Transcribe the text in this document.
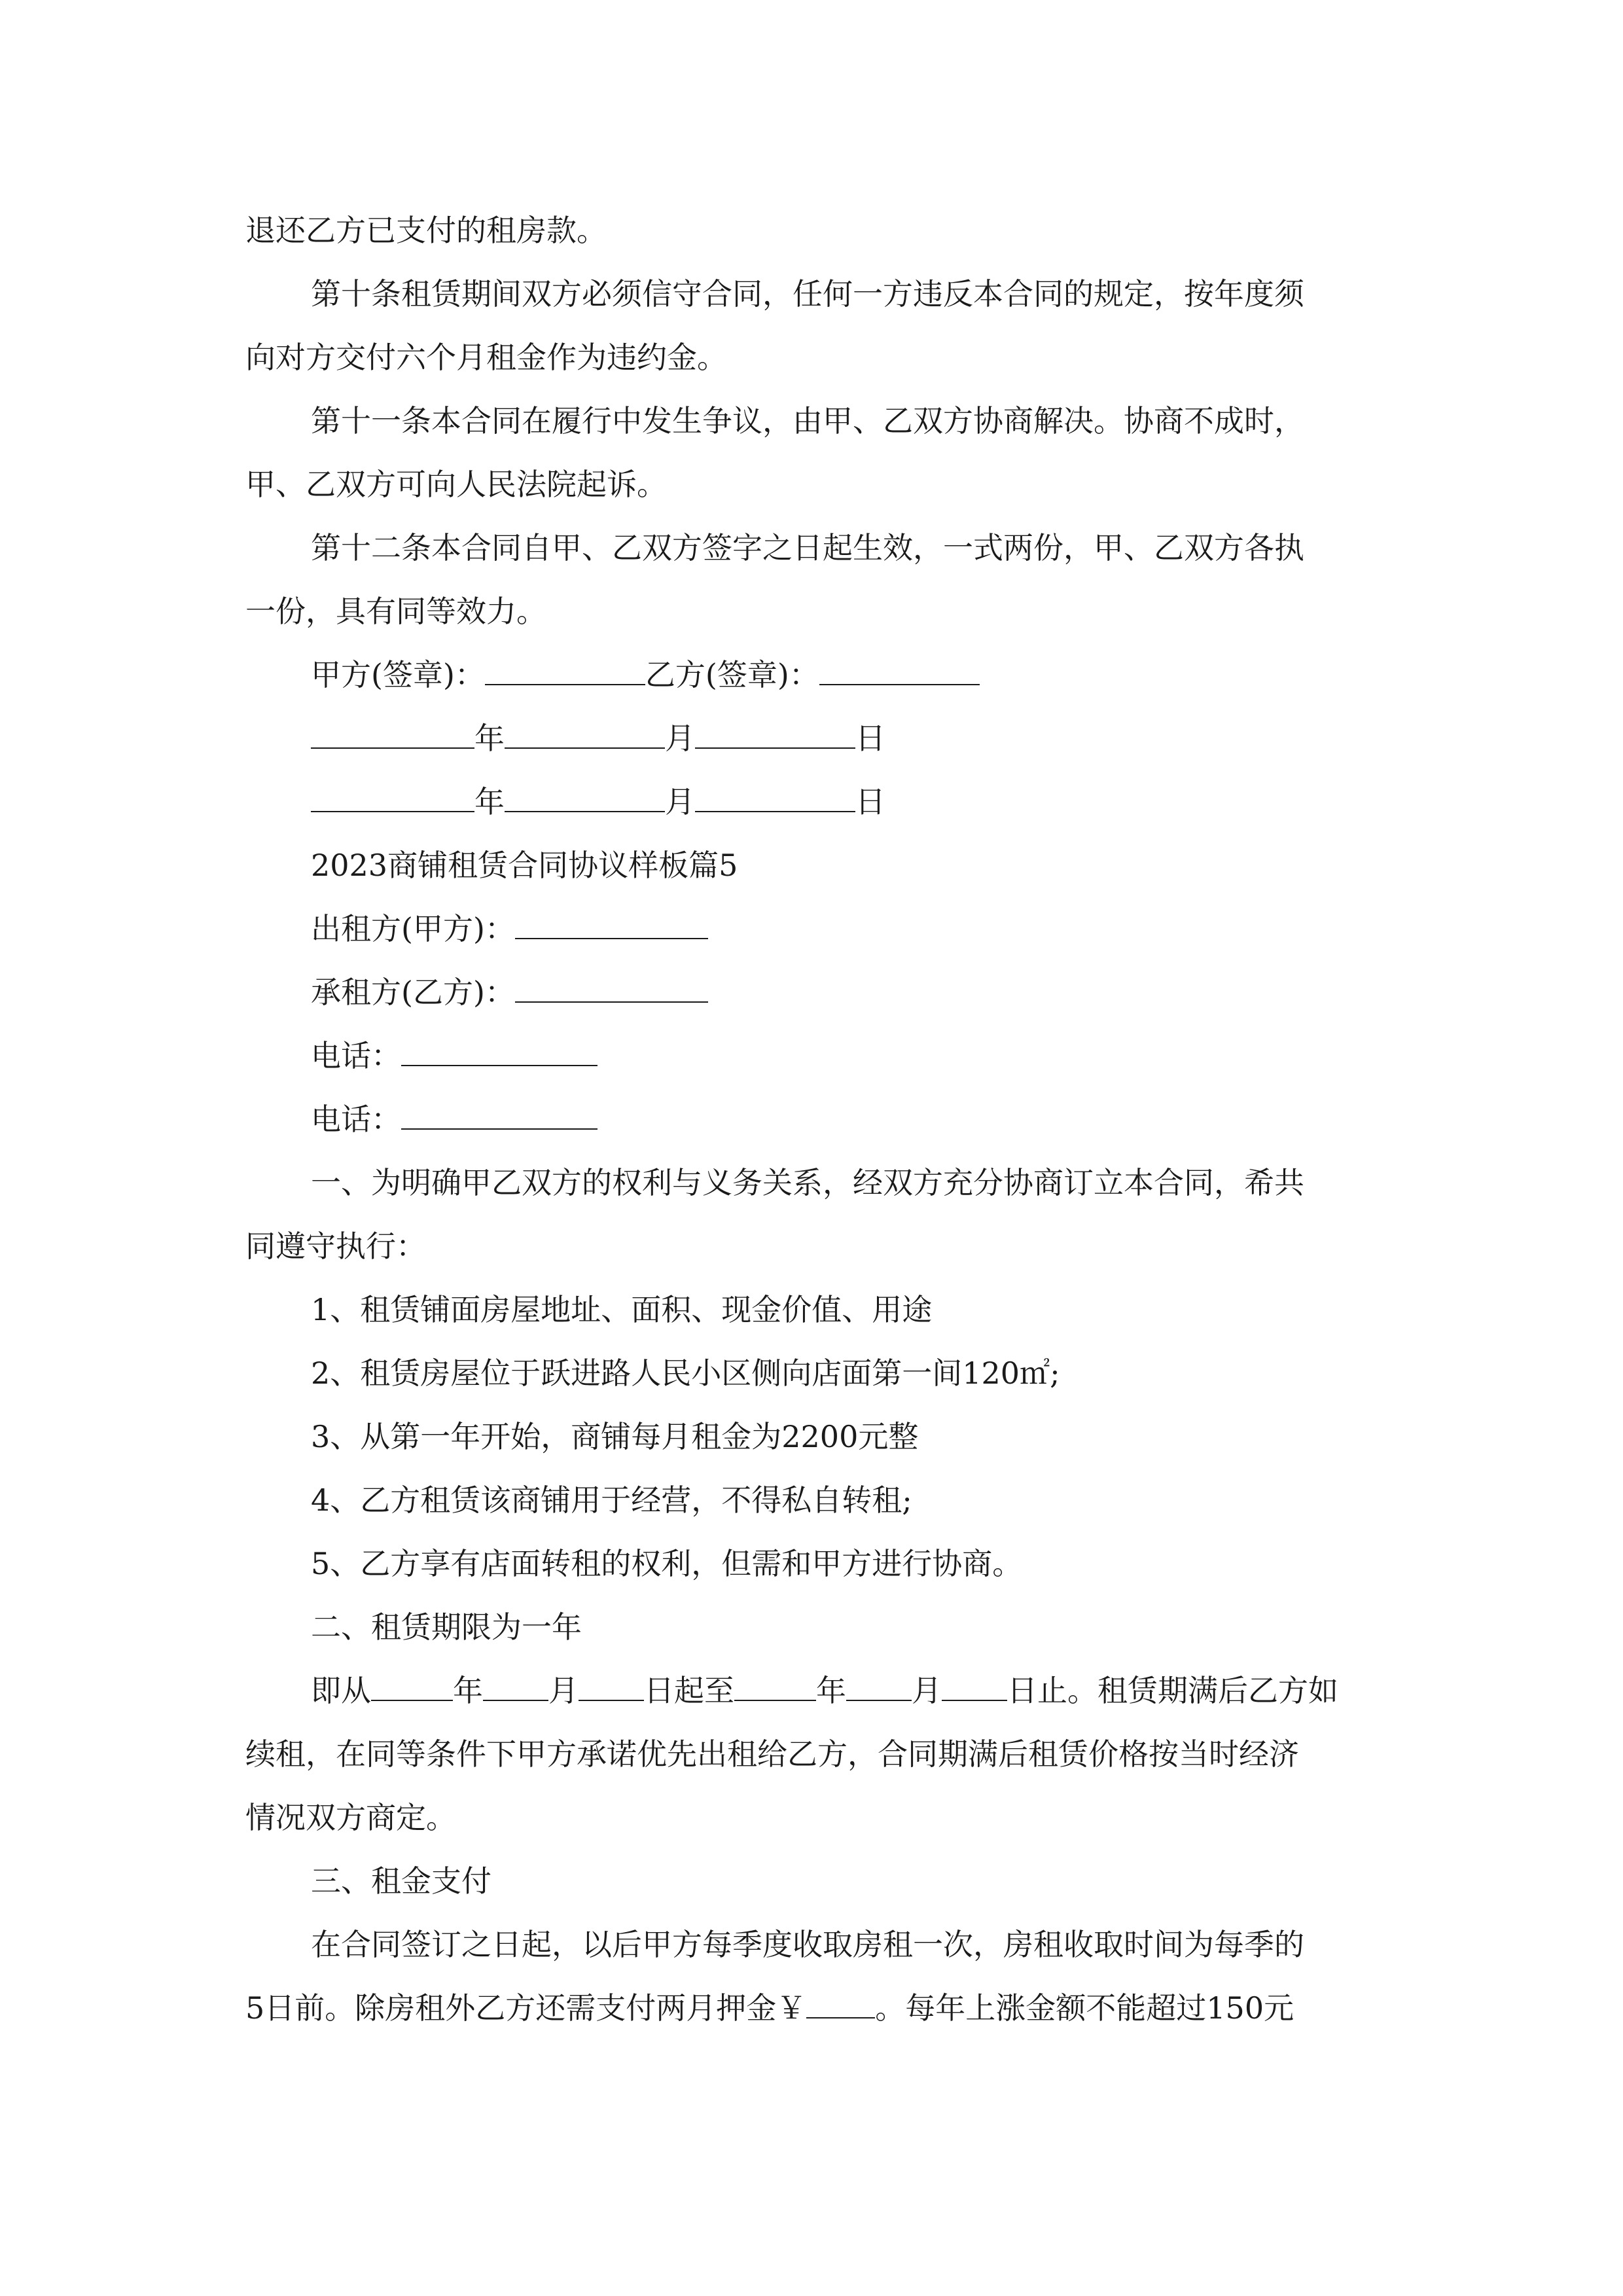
退还乙方已支付的租房款。
第十条租赁期间双方必须信守合同，任何一方违反本合同的规定，按年度须
向对方交付六个月租金作为违约金。
第十一条本合同在履行中发生争议，由甲、乙双方协商解决。协商不成时，
甲、乙双方可向人民法院起诉。
第十二条本合同自甲、乙双方签字之日起生效，一式两份，甲、乙双方各执
一份，具有同等效力。
甲方(签章)：	乙方(签章)：
年	月	日
年	月	日
2023商铺租赁合同协议样板篇5
出租方(甲方)：
承租方(乙方)：
电话：
电话：
一、为明确甲乙双方的权利与义务关系，经双方充分协商订立本合同，希共
同遵守执行：
1、租赁铺面房屋地址、面积、现金价值、用途
2、租赁房屋位于跃进路人民小区侧向店面第一间120㎡;
3、从第一年开始，商铺每月租金为2200元整
4、乙方租赁该商铺用于经营，不得私自转租;
5、乙方享有店面转租的权利，但需和甲方进行协商。
二、租赁期限为一年
即从	年 月 日起至	年 月 日止。租赁期满后乙方如
续租，在同等条件下甲方承诺优先出租给乙方，合同期满后租赁价格按当时经济
情况双方商定。
三、租金支付
在合同签订之日起，以后甲方每季度收取房租一次，房租收取时间为每季的
5日前。除房租外乙方还需支付两月押金￥ 。每年上涨金额不能超过150元
